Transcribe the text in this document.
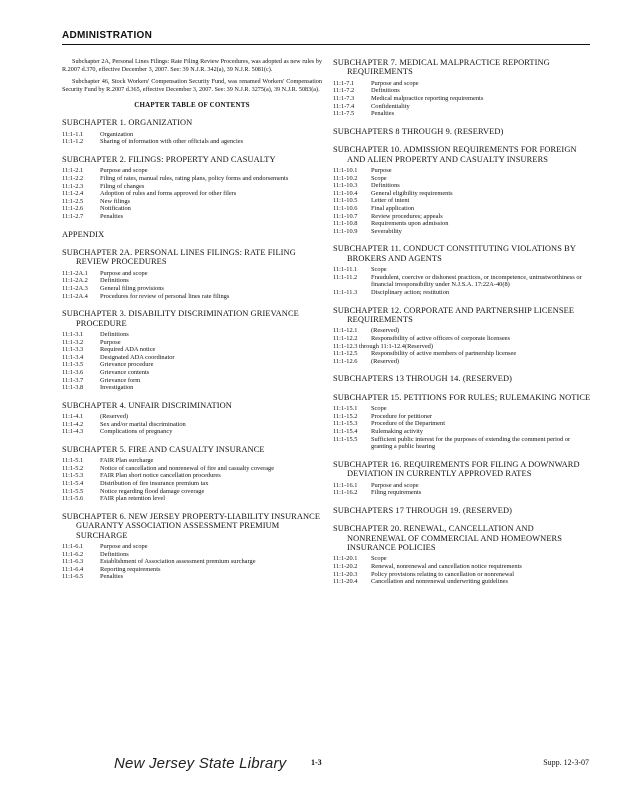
ADMINISTRATION

Subchapter 2A, Personal Lines Filings: Rate Filing Review Procedures, was adopted as new rules by R.2007 d.370, effective December 3, 2007. See: 39 N.J.R. 342(a), 39 N.J.R. 5081(c).

Subchapter 46, Stock Workers' Compensation Security Fund, was renamed Workers' Compensation Security Fund by R.2007 d.365, effective December 3, 2007. See: 39 N.J.R. 3275(a), 39 N.J.R. 5083(a).

CHAPTER TABLE OF CONTENTS
SUBCHAPTER 1. ORGANIZATION
11:1-1.1	Organization
11:1-1.2	Sharing of information with other officials and agencies
SUBCHAPTER 2. FILINGS: PROPERTY AND CASUALTY
11:1-2.1	Purpose and scope
11:1-2.2	Filing of rates, manual rules, rating plans, policy forms and endorsements
11:1-2.3	Filing of changes
11:1-2.4	Adoption of rules and forms approved for other filers
11:1-2.5	New filings
11:1-2.6	Notification
11:1-2.7	Penalties
APPENDIX
SUBCHAPTER 2A. PERSONAL LINES FILINGS: RATE FILING REVIEW PROCEDURES
11:1-2A.1	Purpose and scope
11:1-2A.2	Definitions
11:1-2A.3	General filing provisions
11:1-2A.4	Procedures for review of personal lines rate filings
SUBCHAPTER 3. DISABILITY DISCRIMINATION GRIEVANCE PROCEDURE
11:1-3.1	Definitions
11:1-3.2	Purpose
11:1-3.3	Required ADA notice
11:1-3.4	Designated ADA coordinator
11:1-3.5	Grievance procedure
11:1-3.6	Grievance contents
11:1-3.7	Grievance form
11:1-3.8	Investigation
SUBCHAPTER 4. UNFAIR DISCRIMINATION
11:1-4.1	(Reserved)
11:1-4.2	Sex and/or marital discrimination
11:1-4.3	Complications of pregnancy
SUBCHAPTER 5. FIRE AND CASUALTY INSURANCE
11:1-5.1	FAIR Plan surcharge
11:1-5.2	Notice of cancellation and nonrenewal of fire and casualty coverage
11:1-5.3	FAIR Plan short notice cancellation procedures
11:1-5.4	Distribution of fire insurance premium tax
11:1-5.5	Notice regarding flood damage coverage
11:1-5.6	FAIR plan retention level
SUBCHAPTER 6. NEW JERSEY PROPERTY-LIABILITY INSURANCE GUARANTY ASSOCIATION ASSESSMENT PREMIUM SURCHARGE
11:1-6.1	Purpose and scope
11:1-6.2	Definitions
11:1-6.3	Establishment of Association assessment premium surcharge
11:1-6.4	Reporting requirements
11:1-6.5	Penalties
SUBCHAPTER 7. MEDICAL MALPRACTICE REPORTING REQUIREMENTS
11:1-7.1	Purpose and scope
11:1-7.2	Definitions
11:1-7.3	Medical malpractice reporting requirements
11:1-7.4	Confidentiality
11:1-7.5	Penalties
SUBCHAPTERS 8 THROUGH 9. (RESERVED)
SUBCHAPTER 10. ADMISSION REQUIREMENTS FOR FOREIGN AND ALIEN PROPERTY AND CASUALTY INSURERS
11:1-10.1	Purpose
11:1-10.2	Scope
11:1-10.3	Definitions
11:1-10.4	General eligibility requirements
11:1-10.5	Letter of intent
11:1-10.6	Final application
11:1-10.7	Review procedures; appeals
11:1-10.8	Requirements upon admission
11:1-10.9	Severability
SUBCHAPTER 11. CONDUCT CONSTITUTING VIOLATIONS BY BROKERS AND AGENTS
11:1-11.1	Scope
11:1-11.2	Fraudulent, coercive or dishonest practices, or incompetence, untrustworthiness or financial irresponsibility under N.J.S.A. 17:22A-40(8)
11:1-11.3	Disciplinary action; restitution
SUBCHAPTER 12. CORPORATE AND PARTNERSHIP LICENSEE REQUIREMENTS
11:1-12.1	(Reserved)
11:1-12.2	Responsibility of active officers of corporate licensees
11:1-12.3 through 11:1-12.4 (Reserved)
11:1-12.5	Responsibility of active members of partnership licensee
11:1-12.6	(Reserved)
SUBCHAPTERS 13 THROUGH 14. (RESERVED)
SUBCHAPTER 15. PETITIONS FOR RULES; RULEMAKING NOTICE
11:1-15.1	Scope
11:1-15.2	Procedure for petitioner
11:1-15.3	Procedure of the Department
11:1-15.4	Rulemaking activity
11:1-15.5	Sufficient public interest for the purposes of extending the comment period or granting a public hearing
SUBCHAPTER 16. REQUIREMENTS FOR FILING A DOWNWARD DEVIATION IN CURRENTLY APPROVED RATES
11:1-16.1	Purpose and scope
11:1-16.2	Filing requirements
SUBCHAPTERS 17 THROUGH 19. (RESERVED)
SUBCHAPTER 20. RENEWAL, CANCELLATION AND NONRENEWAL OF COMMERCIAL AND HOMEOWNERS INSURANCE POLICIES
11:1-20.1	Scope
11:1-20.2	Renewal, nonrenewal and cancellation notice requirements
11:1-20.3	Policy provisions relating to cancellation or nonrenewal
11:1-20.4	Cancellation and nonrenewal underwriting guidelines
New Jersey State Library	1-3	Supp. 12-3-07
